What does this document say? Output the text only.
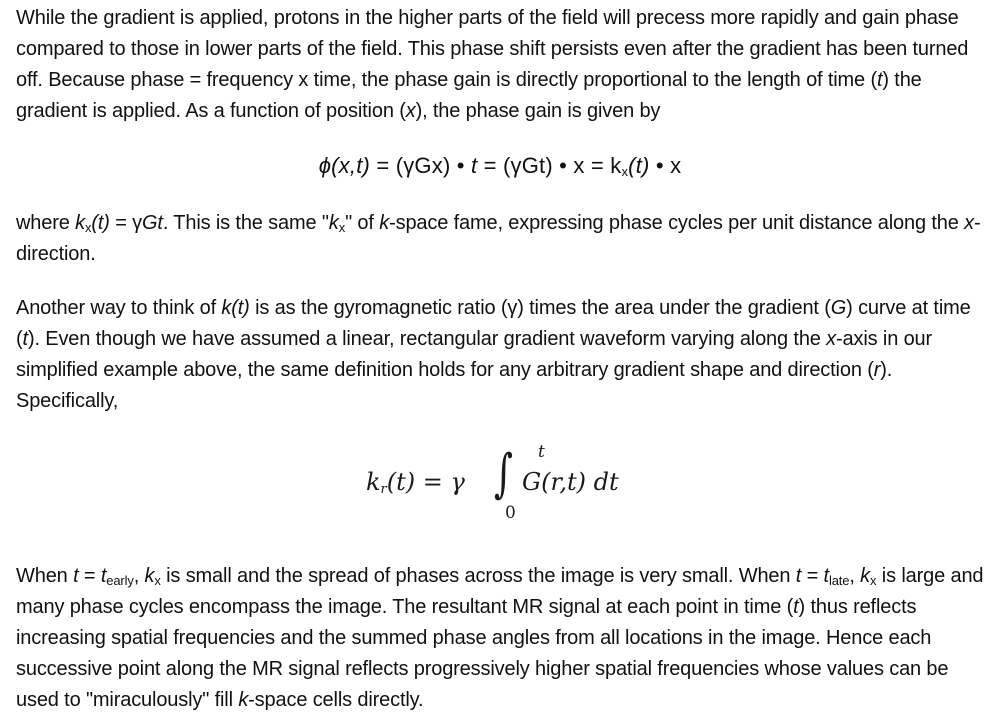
While the gradient is applied, protons in the higher parts of the field will precess more rapidly and gain phase compared to those in lower parts of the field. This phase shift persists even after the gradient has been turned off. Because phase = frequency x time, the phase gain is directly proportional to the length of time (t) the gradient is applied. As a function of position (x), the phase gain is given by

ϕ(x,t) = (γGx) • t = (γGt) • $x = k_x(t)$ • x

where $k_x(t) = \gamma Gt$. This is the same "$k_x$" of k-space fame, expressing phase cycles per unit distance along the x-direction.

Another way to think of k(t) is as the gyromagnetic ratio (γ) times the area under the gradient (G) curve at time (t). Even though we have assumed a linear, rectangular gradient waveform varying along the x-axis in our simplified example above, the same definition holds for any arbitrary gradient shape and direction (r). Specifically,

$k_r(t) = \gamma$ ∫ t
0
G(r,t) dt

When $t = t_{early}$, $k_x$ is small and the spread of phases across the image is very small. When $t = t_{late}$, $k_x$ is large and many phase cycles encompass the image. The resultant MR signal at each point in time (t) thus reflects increasing spatial frequencies and the summed phase angles from all locations in the image. Hence each successive point along the MR signal reflects progressively higher spatial frequencies whose values can be used to "miraculously" fill k-space cells directly.
